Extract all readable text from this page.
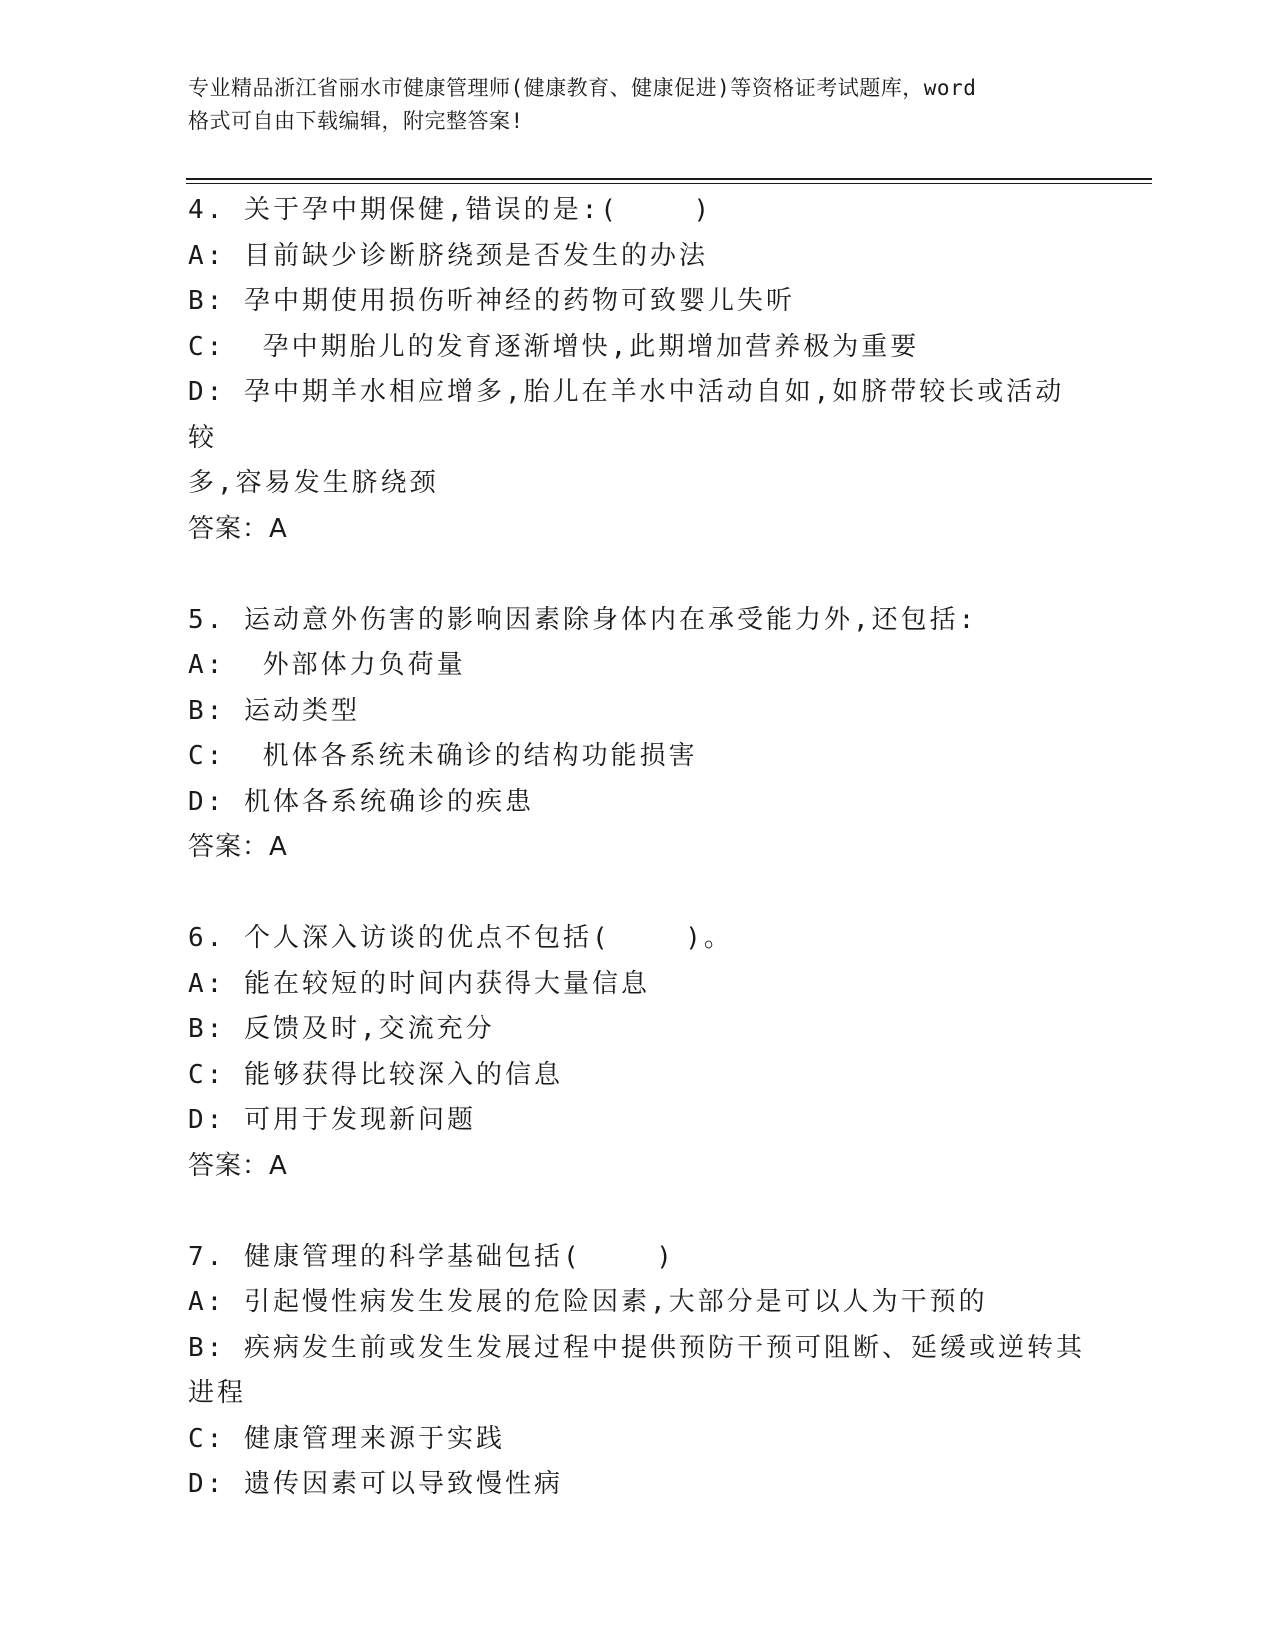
专业精品浙江省丽水市健康管理师(健康教育、健康促进)等资格证考试题库，word
格式可自由下载编辑，附完整答案!
4. 关于孕中期保健,错误的是:(    )
A: 目前缺少诊断脐绕颈是否发生的办法
B: 孕中期使用损伤听神经的药物可致婴儿失听
C:  孕中期胎儿的发育逐渐增快,此期增加营养极为重要
D: 孕中期羊水相应增多,胎儿在羊水中活动自如,如脐带较长或活动较
多,容易发生脐绕颈
答案：A
5. 运动意外伤害的影响因素除身体内在承受能力外,还包括:
A:  外部体力负荷量
B: 运动类型
C:  机体各系统未确诊的结构功能损害
D: 机体各系统确诊的疾患
答案：A
6. 个人深入访谈的优点不包括(    )。
A: 能在较短的时间内获得大量信息
B: 反馈及时,交流充分
C: 能够获得比较深入的信息
D: 可用于发现新问题
答案：A
7. 健康管理的科学基础包括(    )
A: 引起慢性病发生发展的危险因素,大部分是可以人为干预的
B: 疾病发生前或发生发展过程中提供预防干预可阻断、延缓或逆转其
进程
C: 健康管理来源于实践
D: 遗传因素可以导致慢性病
